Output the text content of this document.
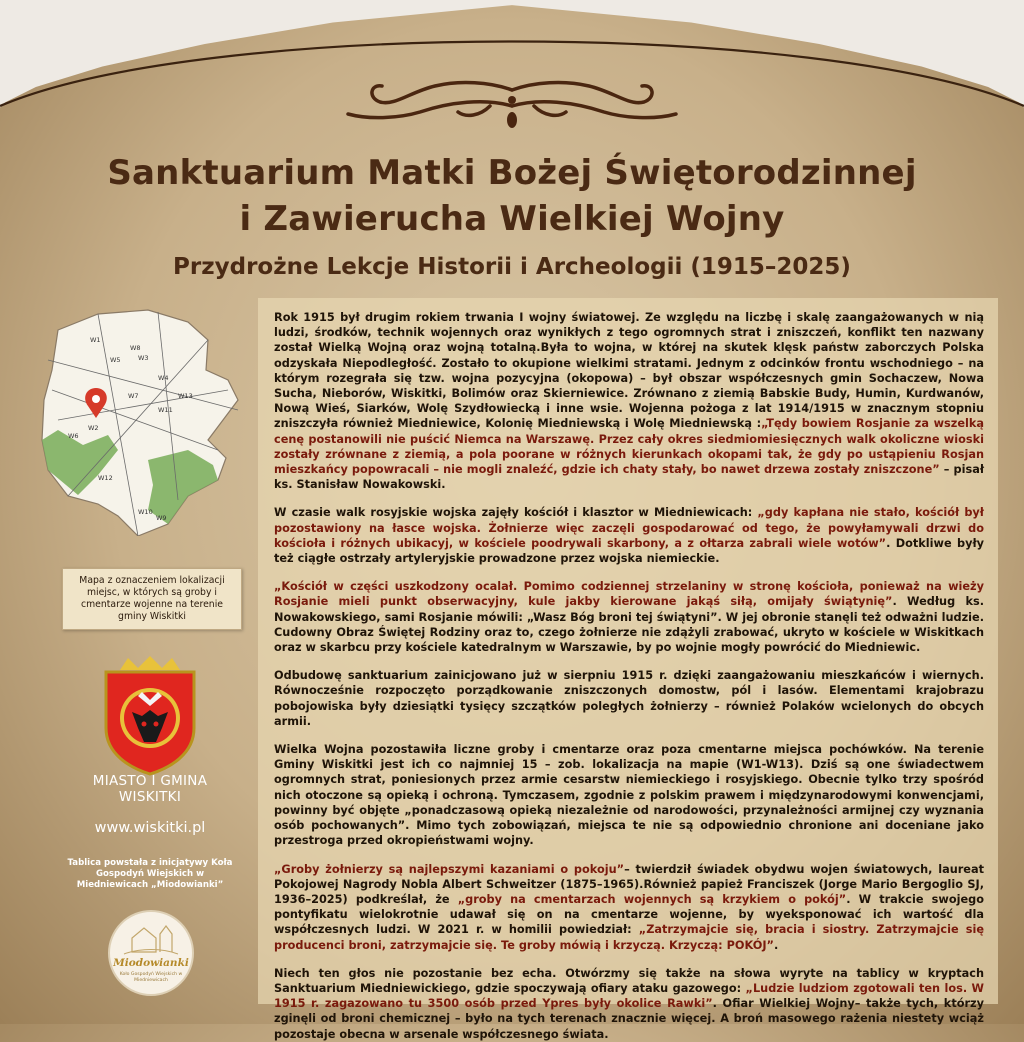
Sanktuarium Matki Bożej Świętorodzinnej
i Zawierucha Wielkiej Wojny
Przydrożne Lekcje Historii i Archeologii (1915–2025)
W1
W2
W3
W4
W5
W6
W7
W8
W9
W10
W11
W12
W13
Mapa z oznaczeniem lokalizacji miejsc, w których są groby i cmentarze wojenne na terenie gminy Wiskitki
MIASTO I GMINA
WISKITKI
www.wiskitki.pl
Tablica powstała z inicjatywy Koła Gospodyń Wiejskich w Miedniewicach „Miodowianki”
Miodowianki
Koło Gospodyń Wiejskich w Miedniewicach

Rok 1915 był drugim rokiem trwania I wojny światowej. Ze względu na liczbę i skalę zaangażowanych w nią ludzi, środków, technik wojennych oraz wynikłych z tego ogromnych strat i zniszczeń, konflikt ten nazwany został Wielką Wojną oraz wojną totalną.Była to wojna, w której na skutek klęsk państw zaborczych Polska odzyskała Niepodległość. Zostało to okupione wielkimi stratami. Jednym z odcinków frontu wschodniego – na którym rozegrała się tzw. wojna pozycyjna (okopowa) – był obszar współczesnych gmin Sochaczew, Nowa Sucha, Nieborów, Wiskitki, Bolimów oraz Skierniewice. Zrównano z ziemią Babskie Budy, Humin, Kurdwanów, Nową Wieś, Siarków, Wolę Szydłowiecką i inne wsie. Wojenna pożoga z lat 1914/1915 w znacznym stopniu zniszczyła również Miedniewice, Kolonię Miedniewską i Wolę Miedniewską :„Tędy bowiem Rosjanie za wszelką cenę postanowili nie puścić Niemca na Warszawę. Przez cały okres siedmiomiesięcznych walk okoliczne wioski zostały zrównane z ziemią, a pola poorane w różnych kierunkach okopami tak, że gdy po ustąpieniu Rosjan mieszkańcy popowracali – nie mogli znaleźć, gdzie ich chaty stały, bo nawet drzewa zostały zniszczone” – pisał ks. Stanisław Nowakowski.

W czasie walk rosyjskie wojska zajęły kościół i klasztor w Miedniewicach: „gdy kapłana nie stało, kościół był pozostawiony na łasce wojska. Żołnierze więc zaczęli gospodarować od tego, że powyłamywali drzwi do kościoła i różnych ubikacyj, w kościele poodrywali skarbony, a z ołtarza zabrali wiele wotów”. Dotkliwe były też ciągłe ostrzały artyleryjskie prowadzone przez wojska niemieckie.

„Kościół w części uszkodzony ocalał. Pomimo codziennej strzelaniny w stronę kościoła, ponieważ na wieży Rosjanie mieli punkt obserwacyjny, kule jakby kierowane jakąś siłą, omijały świątynię”. Według ks. Nowakowskiego, sami Rosjanie mówili: „Wasz Bóg broni tej świątyni”. W jej obronie stanęli też odważni ludzie. Cudowny Obraz Świętej Rodziny oraz to, czego żołnierze nie zdążyli zrabować, ukryto w kościele w Wiskitkach oraz w skarbcu przy kościele katedralnym w Warszawie, by po wojnie mogły powrócić do Miedniewic.

Odbudowę sanktuarium zainicjowano już w sierpniu 1915 r. dzięki zaangażowaniu mieszkańców i wiernych. Równocześnie rozpoczęto porządkowanie zniszczonych domostw, pól i lasów. Elementami krajobrazu pobojowiska były dziesiątki tysięcy szczątków poległych żołnierzy – również Polaków wcielonych do obcych armii.

Wielka Wojna pozostawiła liczne groby i cmentarze oraz poza cmentarne miejsca pochówków. Na terenie Gminy Wiskitki jest ich co najmniej 15 – zob. lokalizacja na mapie (W1-W13). Dziś są one świadectwem ogromnych strat, poniesionych przez armie cesarstw niemieckiego i rosyjskiego. Obecnie tylko trzy spośród nich otoczone są opieką i ochroną. Tymczasem, zgodnie z polskim prawem i międzynarodowymi konwencjami, powinny być objęte „ponadczasową opieką niezależnie od narodowości, przynależności armijnej czy wyznania osób pochowanych”. Mimo tych zobowiązań, miejsca te nie są odpowiednio chronione ani doceniane jako przestroga przed okropieństwami wojny.

„Groby żołnierzy są najlepszymi kazaniami o pokoju”– twierdził świadek obydwu wojen światowych, laureat Pokojowej Nagrody Nobla Albert Schweitzer (1875–1965).Również papież Franciszek (Jorge Mario Bergoglio SJ, 1936–2025) podkreślał, że „groby na cmentarzach wojennych są krzykiem o pokój”. W trakcie swojego pontyfikatu wielokrotnie udawał się on na cmentarze wojenne, by wyeksponować ich wartość dla współczesnych ludzi. W 2021 r. w homilii powiedział: „Zatrzymajcie się, bracia i siostry. Zatrzymajcie się producenci broni, zatrzymajcie się. Te groby mówią i krzyczą. Krzyczą: POKÓJ”.

Niech ten głos nie pozostanie bez echa. Otwórzmy się także na słowa wyryte na tablicy w kryptach Sanktuarium Miedniewickiego, gdzie spoczywają ofiary ataku gazowego: „Ludzie ludziom zgotowali ten los. W 1915 r. zagazowano tu 3500 osób przed Ypres były okolice Rawki”. Ofiar Wielkiej Wojny– także tych, którzy zginęli od broni chemicznej – było na tych terenach znacznie więcej. A broń masowego rażenia niestety wciąż pozostaje obecna w arsenale współczesnego świata.
